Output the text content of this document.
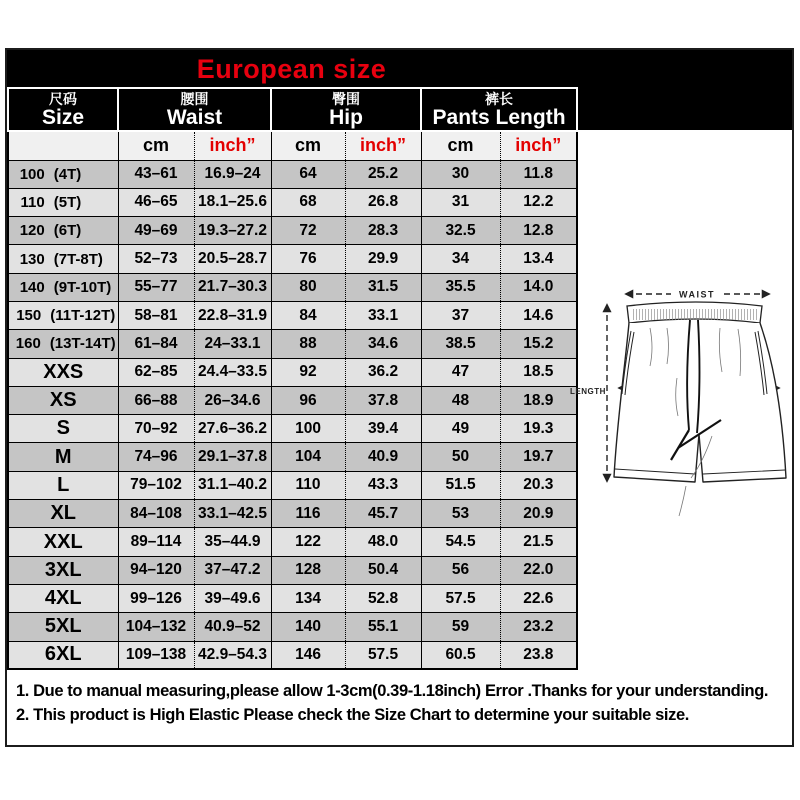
European size
尺码
Size

腰围
Waist

臀围
Hip

裤长
Pants Length

	cm	inch”	cm	inch”	cm	inch”

100 (4T)	43–61	16.9–24	64	25.2	30	11.8

110 (5T)	46–65	18.1–25.6	68	26.8	31	12.2

120 (6T)	49–69	19.3–27.2	72	28.3	32.5	12.8

130 (7T-8T)	52–73	20.5–28.7	76	29.9	34	13.4

140 (9T-10T)	55–77	21.7–30.3	80	31.5	35.5	14.0

150 (11T-12T)	58–81	22.8–31.9	84	33.1	37	14.6

160 (13T-14T)	61–84	24–33.1	88	34.6	38.5	15.2
XXS	62–85	24.4–33.5	92	36.2	47	18.5
XS	66–88	26–34.6	96	37.8	48	18.9
S	70–92	27.6–36.2	100	39.4	49	19.3
M	74–96	29.1–37.8	104	40.9	50	19.7
L	79–102	31.1–40.2	110	43.3	51.5	20.3
XL	84–108	33.1–42.5	116	45.7	53	20.9
XXL	89–114	35–44.9	122	48.0	54.5	21.5
3XL	94–120	37–47.2	128	50.4	56	22.0
4XL	99–126	39–49.6	134	52.8	57.5	22.6
5XL	104–132	40.9–52	140	55.1	59	23.2
6XL	109–138	42.9–54.3	146	57.5	60.5	23.8
LENGTH
WAIST
1. Due to manual measuring,please allow 1-3cm(0.39-1.18inch) Error .Thanks for your understanding.
2. This product is High Elastic Please check the Size Chart to determine your suitable size.
